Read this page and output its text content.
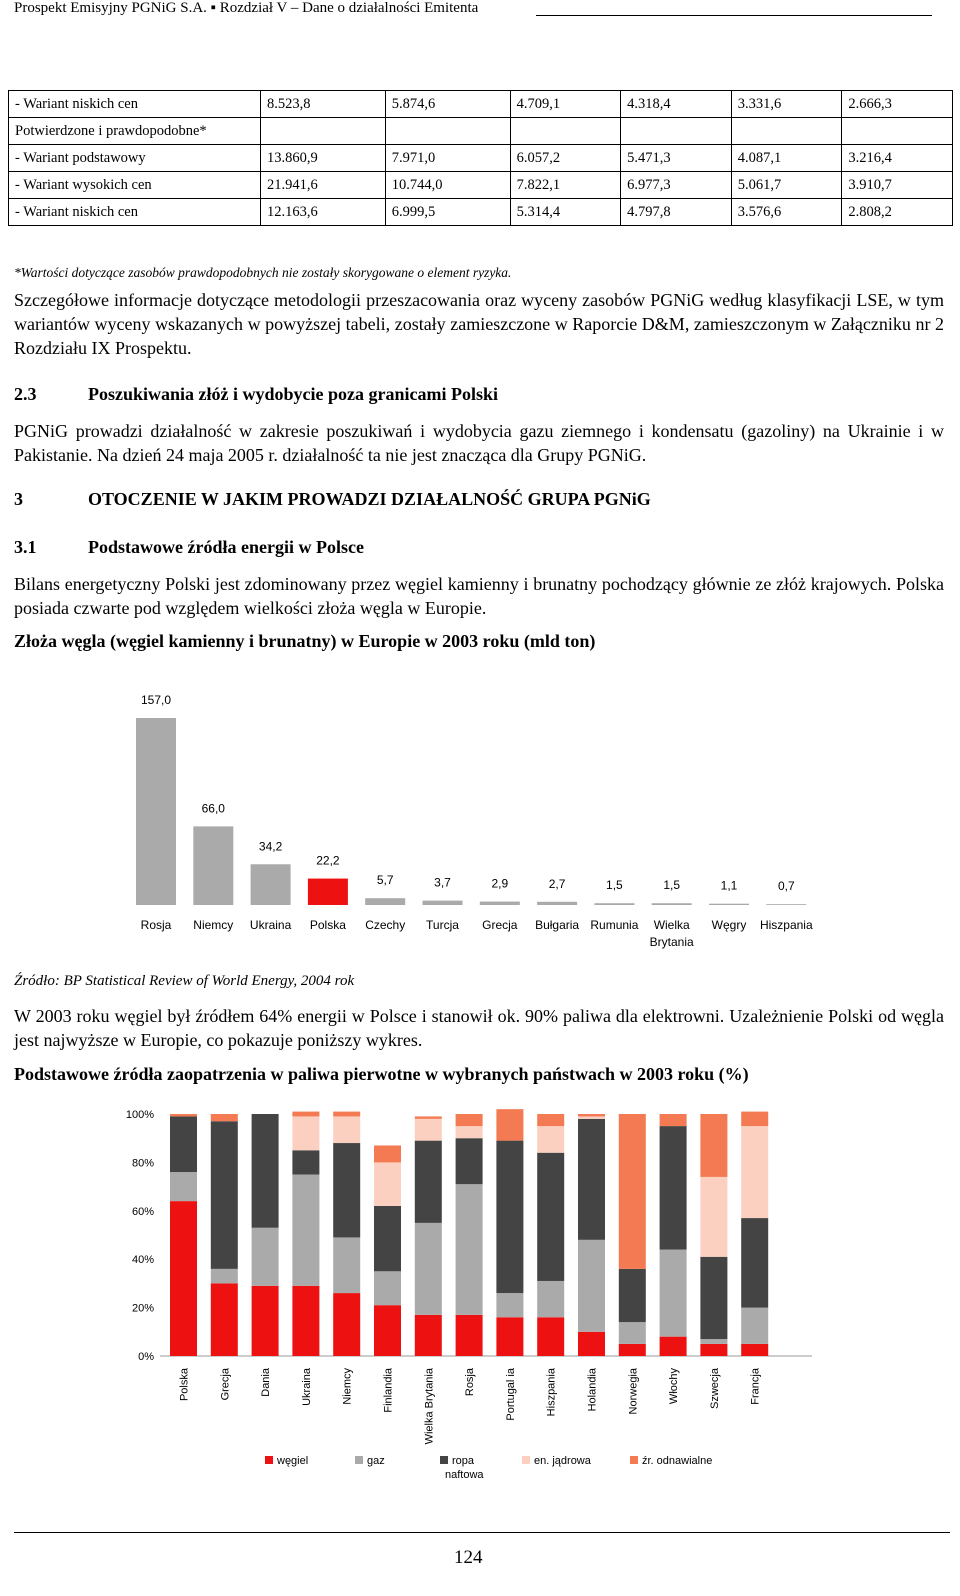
Prospekt Emisyjny PGNiG S.A. ▪ Rozdział V – Dane o działalności Emitenta
- Wariant niskich cen	8.523,8	5.874,6	4.709,1	4.318,4	3.331,6	2.666,3
Potwierdzone i prawdopodobne*						
- Wariant podstawowy	13.860,9	7.971,0	6.057,2	5.471,3	4.087,1	3.216,4
- Wariant wysokich cen	21.941,6	10.744,0	7.822,1	6.977,3	5.061,7	3.910,7
- Wariant niskich cen	12.163,6	6.999,5	5.314,4	4.797,8	3.576,6	2.808,2
*Wartości dotyczące zasobów prawdopodobnych nie zostały skorygowane o element ryzyka.
Szczegółowe informacje dotyczące metodologii przeszacowania oraz wyceny zasobów PGNiG według klasyfikacji LSE, w tym wariantów wyceny wskazanych w powyższej tabeli, zostały zamieszczone w Raporcie D&M, zamieszczonym w Załączniku nr 2 Rozdziału IX Prospektu.
2.3	Poszukiwania złóż i wydobycie poza granicami Polski
PGNiG prowadzi działalność w zakresie poszukiwań i wydobycia gazu ziemnego i kondensatu (gazoliny) na Ukrainie i w Pakistanie. Na dzień 24 maja 2005 r. działalność ta nie jest znacząca dla Grupy PGNiG.
3	OTOCZENIE W JAKIM PROWADZI DZIAŁALNOŚĆ GRUPA PGNiG
3.1	Podstawowe źródła energii w Polsce
Bilans energetyczny Polski jest zdominowany przez węgiel kamienny i brunatny pochodzący głównie ze złóż krajowych. Polska posiada czwarte pod względem wielkości złoża węgla w Europie.
Złoża węgla (węgiel kamienny i brunatny) w Europie w 2003 roku (mld ton)
157,0
Rosja
66,0
Niemcy
34,2
Ukraina
22,2
Polska
5,7
Czechy
3,7
Turcja
2,9
Grecja
2,7
Bułgaria
1,5
Rumunia
1,5
Wielka
Brytania
1,1
Węgry
0,7
Hiszpania
Źródło: BP Statistical Review of World Energy, 2004 rok
W 2003 roku węgiel był źródłem 64% energii w Polsce i stanowił ok. 90% paliwa dla elektrowni. Uzależnienie Polski od węgla jest najwyższe w Europie, co pokazuje poniższy wykres.
Podstawowe źródła zaopatrzenia w paliwa pierwotne w wybranych państwach w 2003 roku (%)
0%
20%
40%
60%
80%
100%
Polska	Grecja	Dania	Ukraina	Niemcy	Finlandia	Wielka Brytania	Rosja	Portugal ia	Hiszpania	Holandia	Norwegia	Włochy	Szwecja	Francja
węgiel	gaz	ropa
naftowa
en. jądrowa	źr. odnawialne
124
